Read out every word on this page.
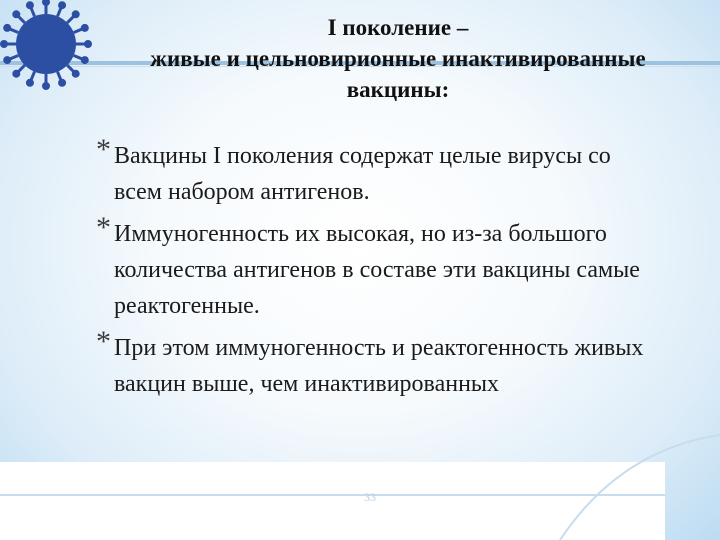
I поколение –
живые и цельновирионные инактивированные
вакцины:
* Вакцины I поколения содержат целые вирусы со всем набором антигенов.
* Иммуногенность их высокая, но из-за большого количества антигенов в составе эти вакцины самые реактогенные.
* При этом иммуногенность и реактогенность живых вакцин выше, чем инактивированных
33
